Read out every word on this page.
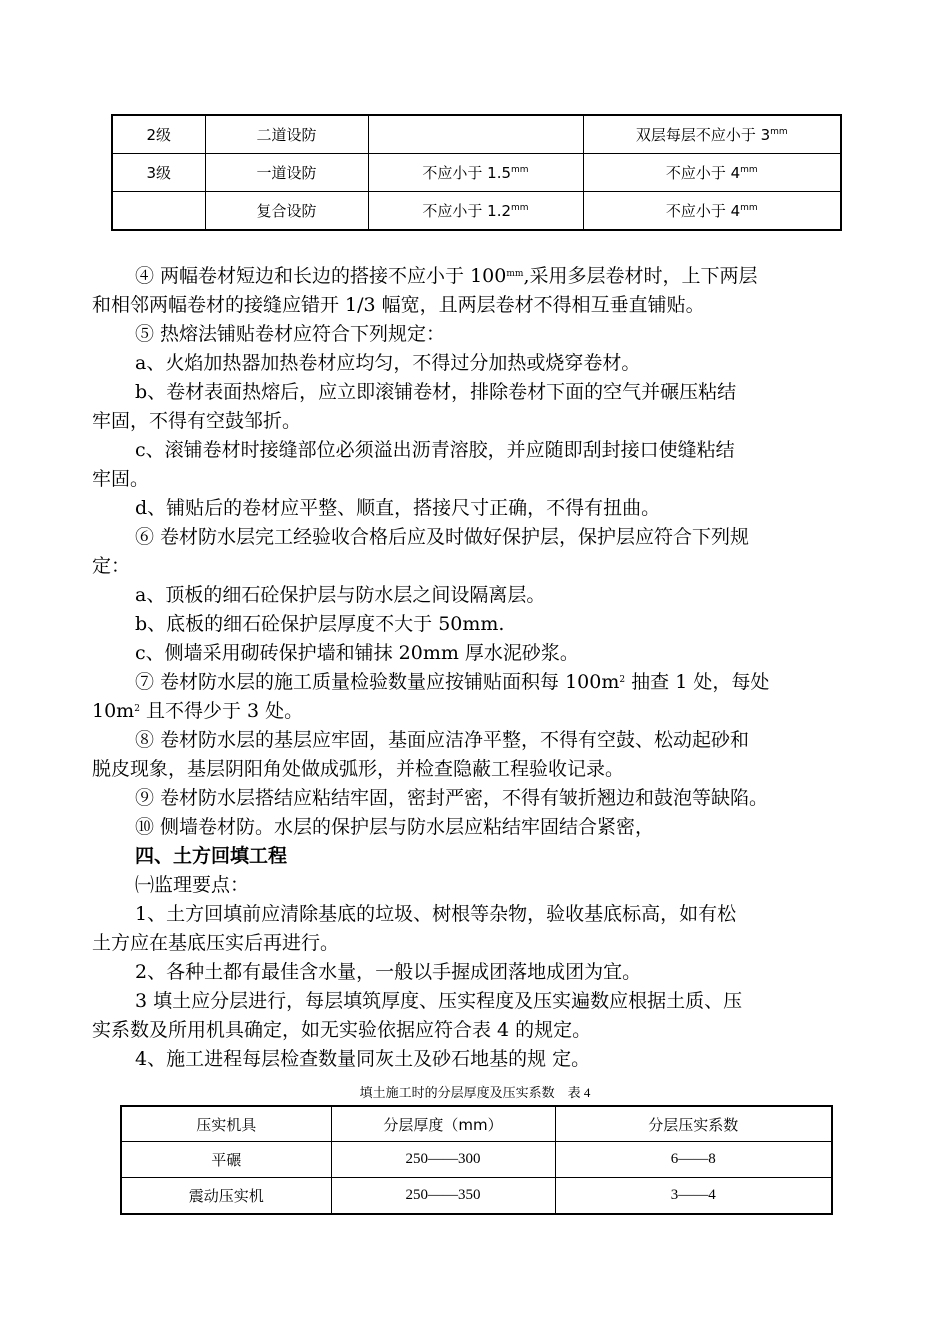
2级	二道设防		双层每层不应小于 $3^{mm}$
3级	一道设防	不应小于 $1.5^{mm}$	不应小于 $4^{mm}$
	复合设防	不应小于 $1.2^{mm}$	不应小于 $4^{mm}$
④ 两幅卷材短边和长边的搭接不应小于 $100^{mm}$,采用多层卷材时，上下两层
和相邻两幅卷材的接缝应错开 1/3 幅宽，且两层卷材不得相互垂直铺贴。
⑤ 热熔法铺贴卷材应符合下列规定：
a、火焰加热器加热卷材应均匀，不得过分加热或烧穿卷材。
b、卷材表面热熔后，应立即滚铺卷材，排除卷材下面的空气并碾压粘结
牢固，不得有空鼓邹折。
c、滚铺卷材时接缝部位必须溢出沥青溶胶，并应随即刮封接口使缝粘结
牢固。
d、铺贴后的卷材应平整、顺直，搭接尺寸正确，不得有扭曲。
⑥ 卷材防水层完工经验收合格后应及时做好保护层，保护层应符合下列规
定：
a、顶板的细石砼保护层与防水层之间设隔离层。
b、底板的细石砼保护层厚度不大于 50mm.
c、侧墙采用砌砖保护墙和铺抹 20mm 厚水泥砂浆。
⑦ 卷材防水层的施工质量检验数量应按铺贴面积每 $100m^2$ 抽查 1 处，每处
$10m^2$ 且不得少于 3 处。
⑧ 卷材防水层的基层应牢固，基面应洁净平整，不得有空鼓、松动起砂和
脱皮现象，基层阴阳角处做成弧形，并检查隐蔽工程验收记录。
⑨ 卷材防水层搭结应粘结牢固，密封严密，不得有皱折翘边和鼓泡等缺陷。
⑩ 侧墙卷材防。水层的保护层与防水层应粘结牢固结合紧密，
四、土方回填工程
㈠监理要点：
1、土方回填前应清除基底的垃圾、树根等杂物，验收基底标高，如有松
土方应在基底压实后再进行。
2、各种土都有最佳含水量，一般以手握成团落地成团为宜。
3 填土应分层进行，每层填筑厚度、压实程度及压实遍数应根据土质、压
实系数及所用机具确定，如无实验依据应符合表 4 的规定。
4、施工进程每层检查数量同灰土及砂石地基的规 定。
填土施工时的分层厚度及压实系数　表 4
压实机具	分层厚度（mm）	分层压实系数
平碾	250——300	6——8
震动压实机	250——350	3——4
